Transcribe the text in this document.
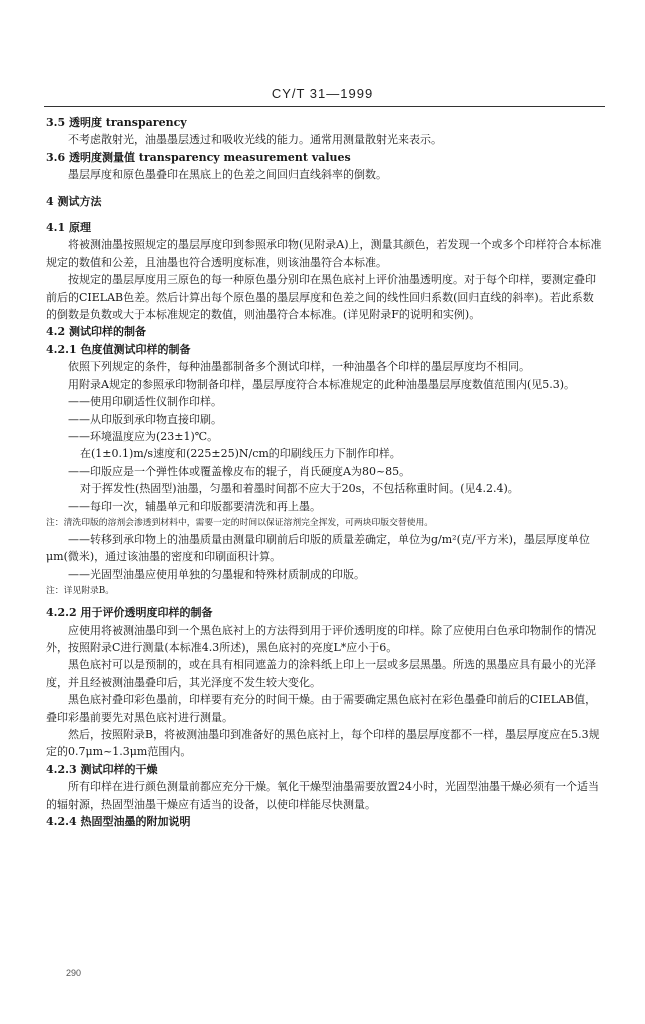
CY/T 31—1999

3.5 透明度 transparency

不考虑散射光，油墨墨层透过和吸收光线的能力。通常用测量散射光来表示。

3.6 透明度测量值 transparency measurement values

墨层厚度和原色墨叠印在黑底上的色差之间回归直线斜率的倒数。

4 测试方法

4.1 原理

将被测油墨按照规定的墨层厚度印到参照承印物(见附录A)上，测量其颜色，若发现一个或多个印样符合本标准规定的数值和公差，且油墨也符合透明度标准，则该油墨符合本标准。

按规定的墨层厚度用三原色的每一种原色墨分别印在黑色底衬上评价油墨透明度。对于每个印样，要测定叠印前后的CIELAB色差。然后计算出每个原色墨的墨层厚度和色差之间的线性回归系数(回归直线的斜率)。若此系数的倒数是负数或大于本标准规定的数值，则油墨符合本标准。(详见附录F的说明和实例)。

4.2 测试印样的制备

4.2.1 色度值测试印样的制备

依照下列规定的条件，每种油墨都制备多个测试印样，一种油墨各个印样的墨层厚度均不相同。

用附录A规定的参照承印物制备印样，墨层厚度符合本标准规定的此种油墨墨层厚度数值范围内(见5.3)。

——使用印刷适性仪制作印样。

——从印版到承印物直接印刷。

——环境温度应为(23±1)℃。

在(1±0.1)m/s速度和(225±25)N/cm的印刷线压力下制作印样。

——印版应是一个弹性体或覆盖橡皮布的辊子，肖氏硬度A为80~85。

对于挥发性(热固型)油墨，匀墨和着墨时间都不应大于20s，不包括称重时间。(见4.2.4)。

——每印一次，辅墨单元和印版都要清洗和再上墨。

注：清洗印版的溶剂会渗透到材料中，需要一定的时间以保证溶剂完全挥发，可两块印版交替使用。

——转移到承印物上的油墨质量由测量印刷前后印版的质量差确定，单位为g/m²(克/平方米)，墨层厚度单位μm(微米)，通过该油墨的密度和印刷面积计算。

——光固型油墨应使用单独的匀墨辊和特殊材质制成的印版。

注：详见附录B。

4.2.2 用于评价透明度印样的制备

应使用将被测油墨印到一个黑色底衬上的方法得到用于评价透明度的印样。除了应使用白色承印物制作的情况外，按照附录C进行测量(本标准4.3所述)，黑色底衬的亮度L*应小于6。

黑色底衬可以是预制的，或在具有相同遮盖力的涂料纸上印上一层或多层黑墨。所选的黑墨应具有最小的光泽度，并且经被测油墨叠印后，其光泽度不发生较大变化。

黑色底衬叠印彩色墨前，印样要有充分的时间干燥。由于需要确定黑色底衬在彩色墨叠印前后的CIELAB值，叠印彩墨前要先对黑色底衬进行测量。

然后，按照附录B，将被测油墨印到准备好的黑色底衬上，每个印样的墨层厚度都不一样，墨层厚度应在5.3规定的0.7μm~1.3μm范围内。

4.2.3 测试印样的干燥

所有印样在进行颜色测量前都应充分干燥。氧化干燥型油墨需要放置24小时，光固型油墨干燥必须有一个适当的辐射源，热固型油墨干燥应有适当的设备，以使印样能尽快测量。

4.2.4 热固型油墨的附加说明

290
